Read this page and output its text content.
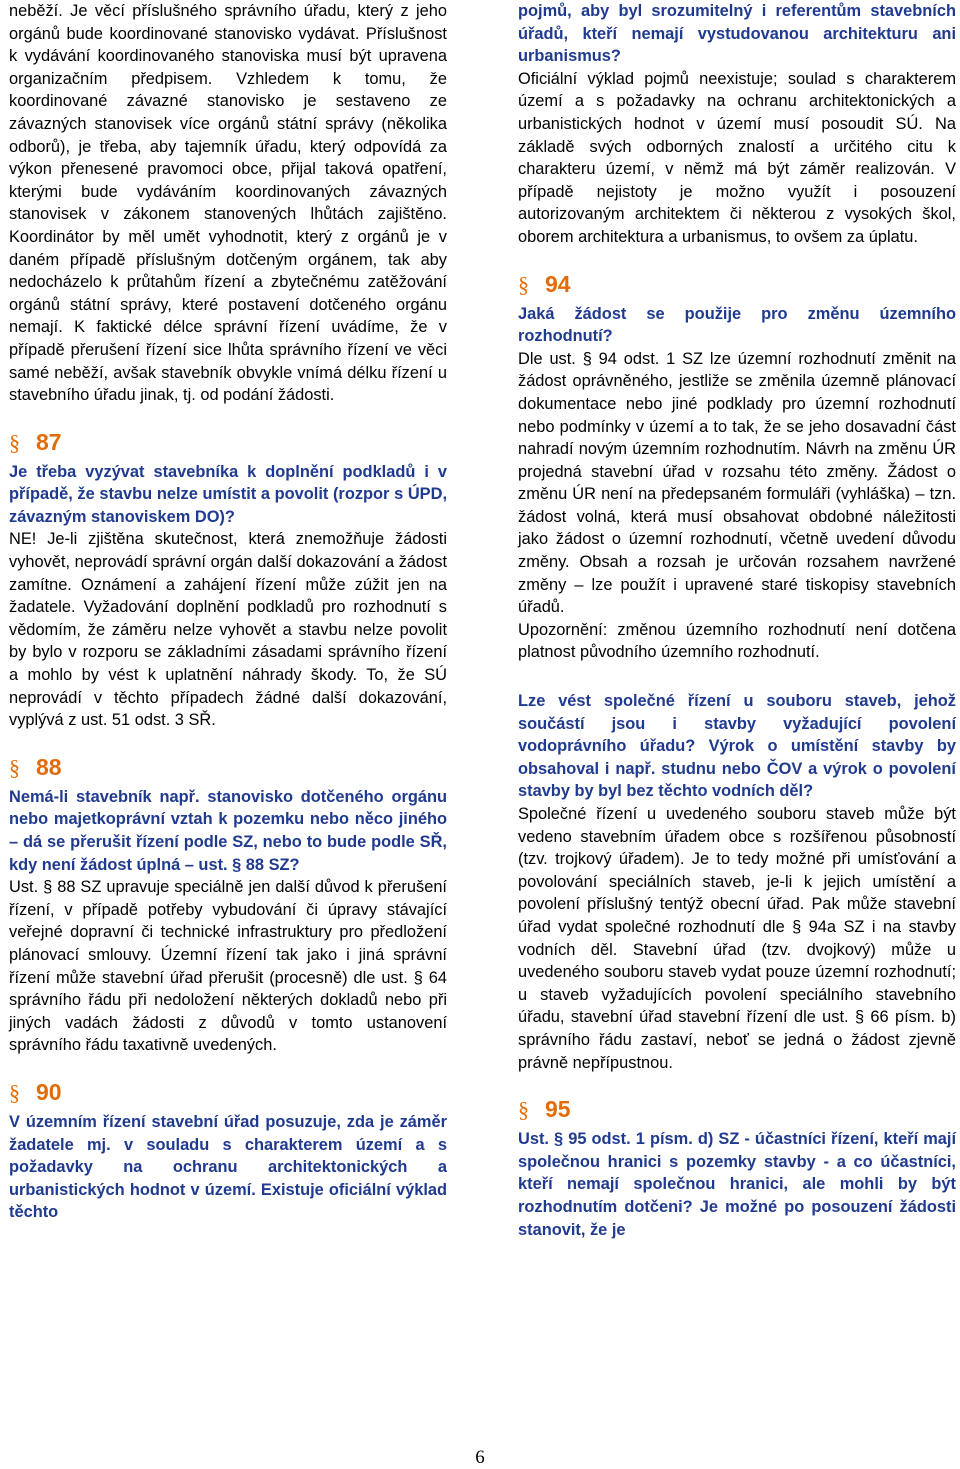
neběží. Je věcí příslušného správního úřadu, který z jeho orgánů bude koordinované stanovisko vydávat. Příslušnost k vydávání koordinovaného stanoviska musí být upravena organizačním předpisem. Vzhledem k tomu, že koordinované závazné stanovisko je sestaveno ze závazných stanovisek více orgánů státní správy (několika odborů), je třeba, aby tajemník úřadu, který odpovídá za výkon přenesené pravomoci obce, přijal taková opatření, kterými bude vydáváním koordinovaných závazných stanovisek v zákonem stanovených lhůtách zajištěno. Koordinátor by měl umět vyhodnotit, který z orgánů je v daném případě příslušným dotčeným orgánem, tak aby nedocházelo k průtahům řízení a zbytečnému zatěžování orgánů státní správy, které postavení dotčeného orgánu nemají. K faktické délce správní řízení uvádíme, že v případě přerušení řízení sice lhůta správního řízení ve věci samé neběží, avšak stavebník obvykle vnímá délku řízení u stavebního úřadu jinak, tj. od podání žádosti.

§ 87

Je třeba vyzývat stavebníka k doplnění podkladů i v případě, že stavbu nelze umístit a povolit (rozpor s ÚPD, závazným stanoviskem DO)?

NE! Je-li zjištěna skutečnost, která znemožňuje žádosti vyhovět, neprovádí správní orgán další dokazování a žádost zamítne. Oznámení a zahájení řízení může zúžit jen na žadatele. Vyžadování doplnění podkladů pro rozhodnutí s vědomím, že záměru nelze vyhovět a stavbu nelze povolit by bylo v rozporu se základními zásadami správního řízení a mohlo by vést k uplatnění náhrady škody. To, že SÚ neprovádí v těchto případech žádné další dokazování, vyplývá z ust. 51 odst. 3 SŘ.

§ 88

Nemá-li stavebník např. stanovisko dotčeného orgánu nebo majetkoprávní vztah k pozemku nebo něco jiného – dá se přerušit řízení podle SZ, nebo to bude podle SŘ, kdy není žádost úplná – ust. § 88 SZ?

Ust. § 88 SZ upravuje speciálně jen další důvod k přerušení řízení, v případě potřeby vybudování či úpravy stávající veřejné dopravní či technické infrastruktury pro předložení plánovací smlouvy. Územní řízení tak jako i jiná správní řízení může stavební úřad přerušit (procesně) dle ust. § 64 správního řádu při nedoložení některých dokladů nebo při jiných vadách žádosti z důvodů v tomto ustanovení správního řádu taxativně uvedených.

§ 90

V územním řízení stavební úřad posuzuje, zda je záměr žadatele mj. v souladu s charakterem území a s požadavky na ochranu architektonických a urbanistických hodnot v území. Existuje oficiální výklad těchto

pojmů, aby byl srozumitelný i referentům stavebních úřadů, kteří nemají vystudovanou architekturu ani urbanismus?

Oficiální výklad pojmů neexistuje; soulad s charakterem území a s požadavky na ochranu architektonických a urbanistických hodnot v území musí posoudit SÚ. Na základě svých odborných znalostí a určitého citu k charakteru území, v němž má být záměr realizován. V případě nejistoty je možno využít i posouzení autorizovaným architektem či některou z vysokých škol, oborem architektura a urbanismus, to ovšem za úplatu.

§ 94

Jaká žádost se použije pro změnu územního rozhodnutí?

Dle ust. § 94 odst. 1 SZ lze územní rozhodnutí změnit na žádost oprávněného, jestliže se změnila územně plánovací dokumentace nebo jiné podklady pro územní rozhodnutí nebo podmínky v území a to tak, že se jeho dosavadní část nahradí novým územním rozhodnutím. Návrh na změnu ÚR projedná stavební úřad v rozsahu této změny. Žádost o změnu ÚR není na předepsaném formuláři (vyhláška) – tzn. žádost volná, která musí obsahovat obdobné náležitosti jako žádost o územní rozhodnutí, včetně uvedení důvodu změny. Obsah a rozsah je určován rozsahem navržené změny – lze použít i upravené staré tiskopisy stavebních úřadů.

Upozornění: změnou územního rozhodnutí není dotčena platnost původního územního rozhodnutí.

Lze vést společné řízení u souboru staveb, jehož součástí jsou i stavby vyžadující povolení vodoprávního úřadu? Výrok o umístění stavby by obsahoval i např. studnu nebo ČOV a výrok o povolení stavby by byl bez těchto vodních děl?

Společné řízení u uvedeného souboru staveb může být vedeno stavebním úřadem obce s rozšířenou působností (tzv. trojkový úřadem). Je to tedy možné při umísťování a povolování speciálních staveb, je-li k jejich umístění a povolení příslušný tentýž obecní úřad. Pak může stavební úřad vydat společné rozhodnutí dle § 94a SZ i na stavby vodních děl. Stavební úřad (tzv. dvojkový) může u uvedeného souboru staveb vydat pouze územní rozhodnutí; u staveb vyžadujících povolení speciálního stavebního úřadu, stavební úřad stavební řízení dle ust. § 66 písm. b) správního řádu zastaví, neboť se jedná o žádost zjevně právně nepřípustnou.

§ 95

Ust. § 95 odst. 1 písm. d) SZ - účastníci řízení, kteří mají společnou hranici s pozemky stavby - a co účastníci, kteří nemají společnou hranici, ale mohli by být rozhodnutím dotčeni? Je možné po posouzení žádosti stanovit, že je

6
